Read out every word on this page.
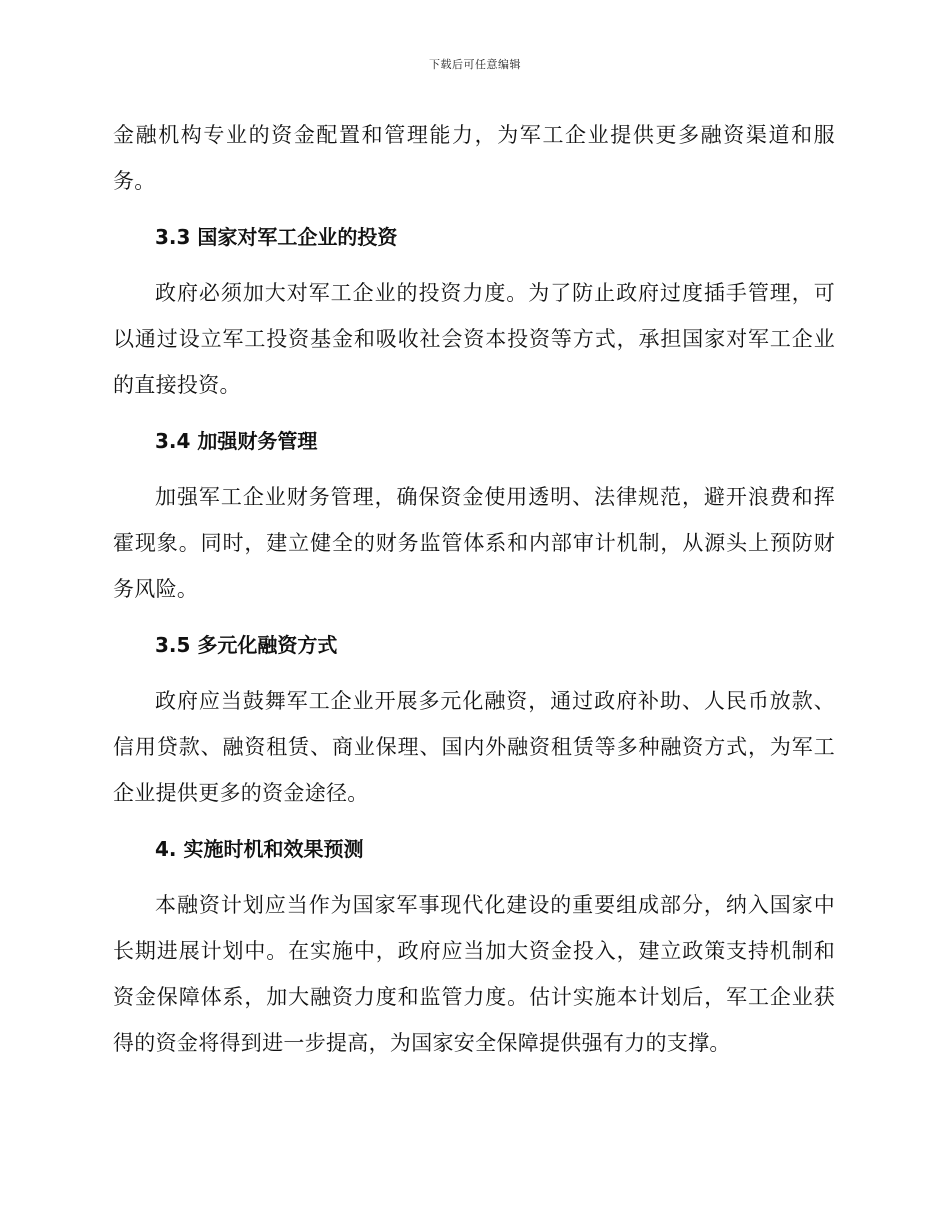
下载后可任意编辑

金融机构专业的资金配置和管理能力，为军工企业提供更多融资渠道和服务。

3.3 国家对军工企业的投资

政府必须加大对军工企业的投资力度。为了防止政府过度插手管理，可以通过设立军工投资基金和吸收社会资本投资等方式，承担国家对军工企业的直接投资。

3.4 加强财务管理

加强军工企业财务管理，确保资金使用透明、法律规范，避开浪费和挥霍现象。同时，建立健全的财务监管体系和内部审计机制，从源头上预防财务风险。

3.5 多元化融资方式

政府应当鼓舞军工企业开展多元化融资，通过政府补助、人民币放款、信用贷款、融资租赁、商业保理、国内外融资租赁等多种融资方式，为军工企业提供更多的资金途径。

4. 实施时机和效果预测

本融资计划应当作为国家军事现代化建设的重要组成部分，纳入国家中长期进展计划中。在实施中，政府应当加大资金投入，建立政策支持机制和资金保障体系，加大融资力度和监管力度。估计实施本计划后，军工企业获得的资金将得到进一步提高，为国家安全保障提供强有力的支撑。
